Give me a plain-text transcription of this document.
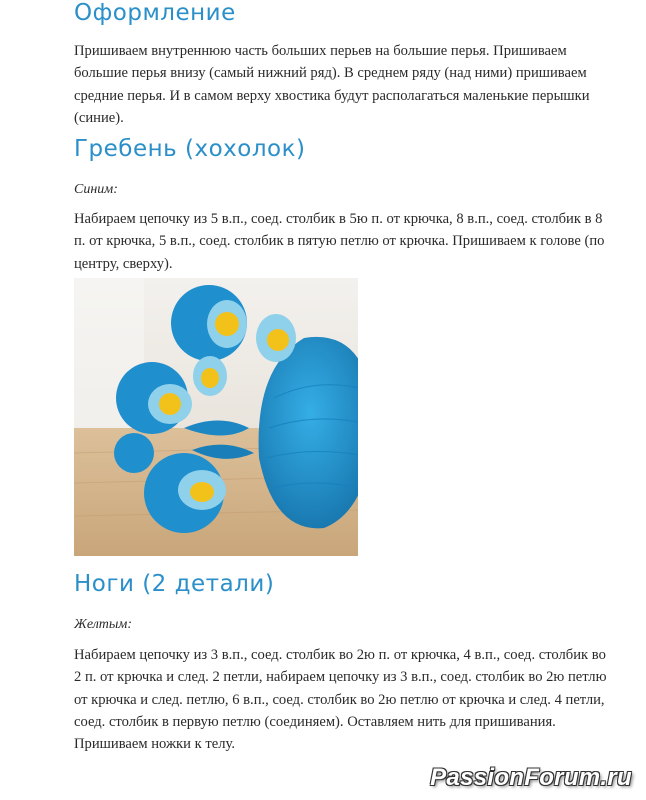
Оформление

Пришиваем внутреннюю часть больших перьев на большие перья. Пришиваем большие перья внизу (самый нижний ряд). В среднем ряду (над ними) пришиваем средние перья. И в самом верху хвостика будут располагаться маленькие перышки (синие).

Гребень (хохолок)

Синим:

Набираем цепочку из 5 в.п., соед. столбик в 5ю п. от крючка, 8 в.п., соед. столбик в 8 п. от крючка, 5 в.п., соед. столбик в пятую петлю от крючка. Пришиваем к голове (по центру, сверху).

Ноги (2 детали)

Желтым:

Набираем цепочку из 3 в.п., соед. столбик во 2ю п. от крючка, 4 в.п., соед. столбик во 2 п. от крючка и след. 2 петли, набираем цепочку из 3 в.п., соед. столбик во 2ю петлю от крючка и след. петлю, 6 в.п., соед. столбик во 2ю петлю от крючка и след. 4 петли, соед. столбик в первую петлю (соединяем). Оставляем нить для пришивания. Пришиваем ножки к телу.

PassionForum.ru
